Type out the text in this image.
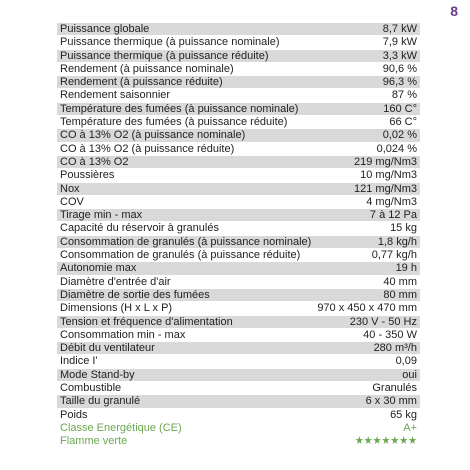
8
Puissance globale	8,7 kW
Puissance thermique (à puissance nominale)	7,9 kW
Puissance thermique (à puissance réduite)	3,3 kW
Rendement (à puissance nominale)	90,6 %
Rendement (à puissance réduite)	96,3 %
Rendement saisonnier	87 %
Température des fumées (à puissance nominale)	160 C°
Température des fumées (à puissance réduite)	66 C°
CO à 13% O2 (à puissance nominale)	0,02 %
CO à 13% O2 (à puissance réduite)	0,024 %
CO à 13% O2	219 mg/Nm3
Poussières	10 mg/Nm3
Nox	121 mg/Nm3
COV	4 mg/Nm3
Tirage min - max	7 à 12 Pa
Capacité du réservoir à granulés	15 kg
Consommation de granulés (à puissance nominale)	1,8 kg/h
Consommation de granulés (à puissance réduite)	0,77 kg/h
Autonomie max	19 h
Diamètre d'entrée d'air	40 mm
Diamètre de sortie des fumées	80 mm
Dimensions (H x L x P)	970 x 450 x 470 mm
Tension et fréquence d'alimentation	230 V - 50 Hz
Consommation min - max	40 - 350 W
Débit du ventilateur	280 m³/h
Indice I'	0,09
Mode Stand-by	oui
Combustible	Granulés
Taille du granulé	6 x 30 mm
Poids	65 kg
Classe Energétique (CE)	A+
Flamme verte	★★★★★★★
